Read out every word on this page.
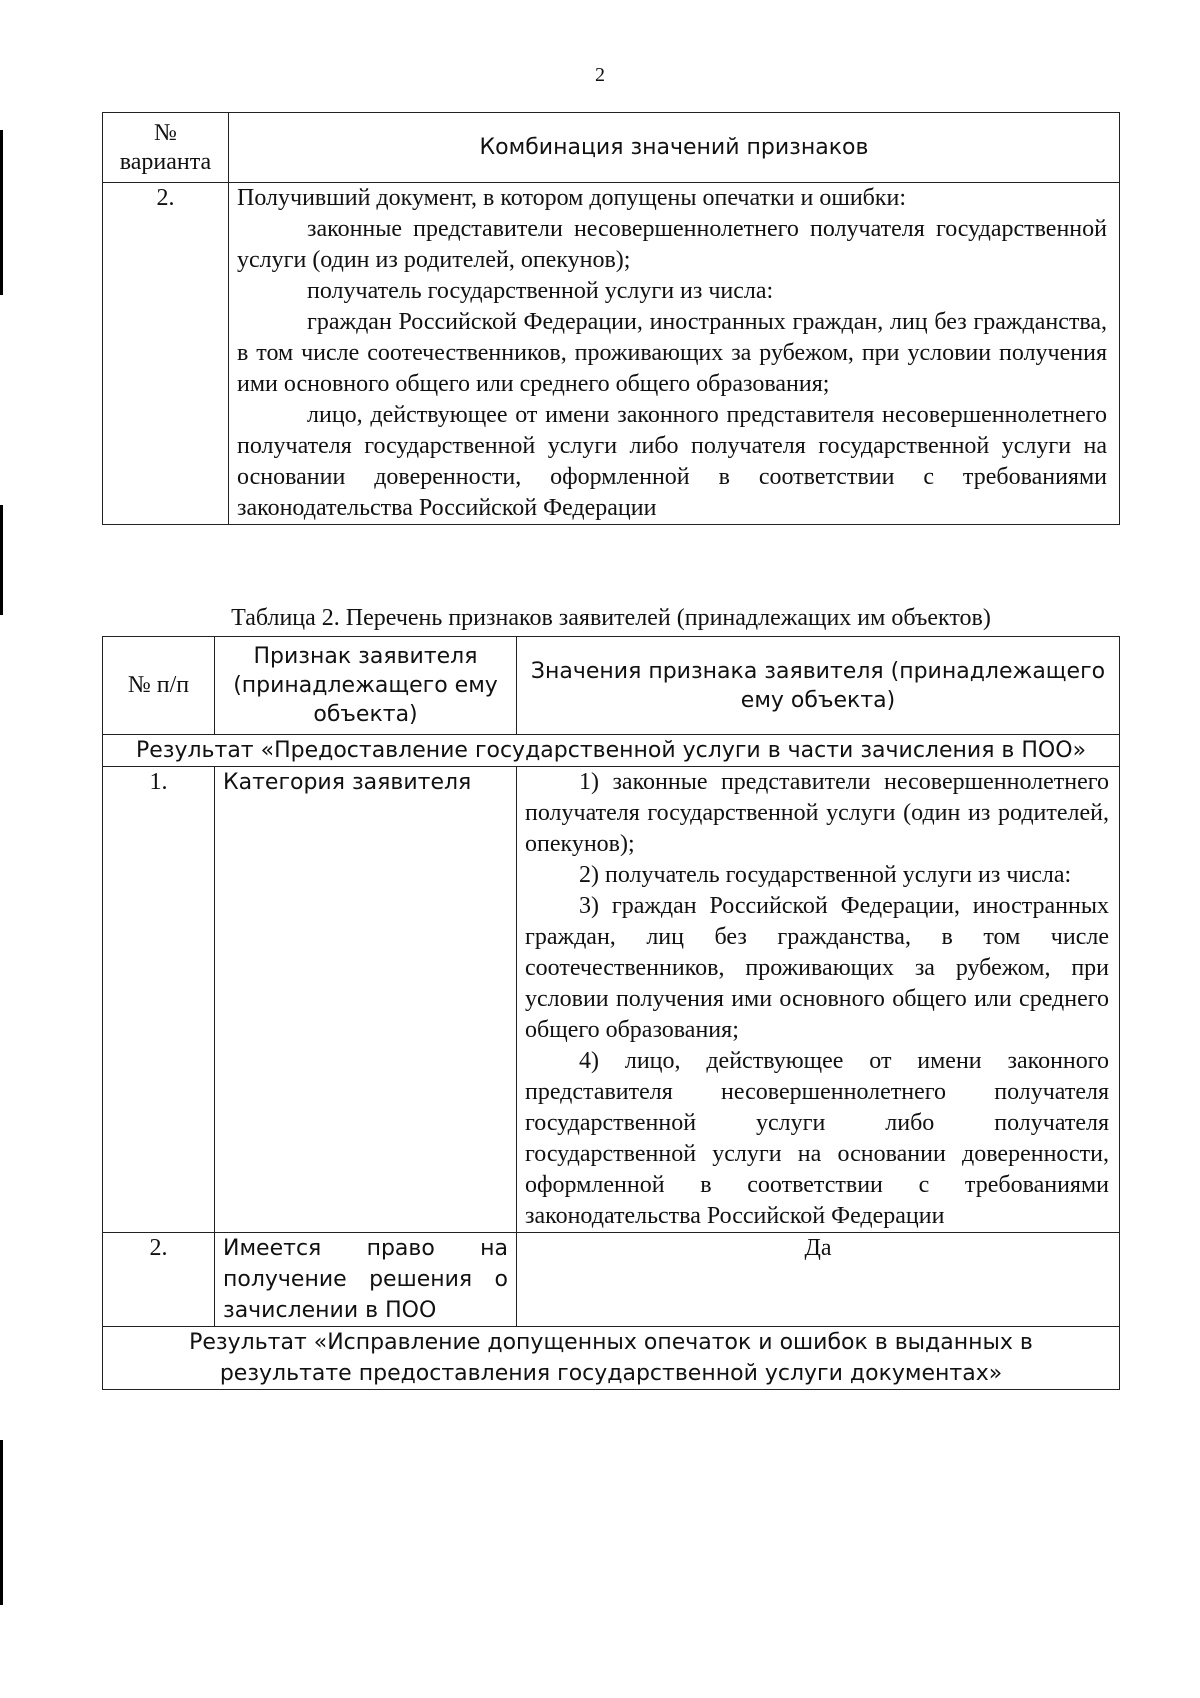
2
№ варианта	Комбинация значений признаков
2.	Получивший документ, в котором допущены опечатки и ошибки:

законные представители несовершеннолетнего получателя государственной услуги (один из родителей, опекунов);

получатель государственной услуги из числа:

граждан Российской Федерации, иностранных граждан, лиц без гражданства, в том числе соотечественников, проживающих за рубежом, при условии получения ими основного общего или среднего общего образования;

лицо, действующее от имени законного представителя несовершеннолетнего получателя государственной услуги либо получателя государственной услуги на основании доверенности, оформленной в соответствии с требованиями законодательства Российской Федерации

Таблица 2. Перечень признаков заявителей (принадлежащих им объектов)
№ п/п	Признак заявителя (принадлежащего ему объекта)	Значения признака заявителя (принадлежащего ему объекта)
Результат «Предоставление государственной услуги в части зачисления в ПОО»		
1.	Категория заявителя	1) законные представители несовершеннолетнего получателя государственной услуги (один из родителей, опекунов);

2) получатель государственной услуги из числа:

3) граждан Российской Федерации, иностранных граждан, лиц без гражданства, в том числе соотечественников, проживающих за рубежом, при условии получения ими основного общего или среднего общего образования;

4) лицо, действующее от имени законного представителя несовершеннолетнего получателя государственной услуги либо получателя государственной услуги на основании доверенности, оформленной в соответствии с требованиями законодательства Российской Федерации

2.	Имеется право на получение решения о зачислении в ПОО	Да
Результат «Исправление допущенных опечаток и ошибок в выданных в результате предоставления государственной услуги документах»		
